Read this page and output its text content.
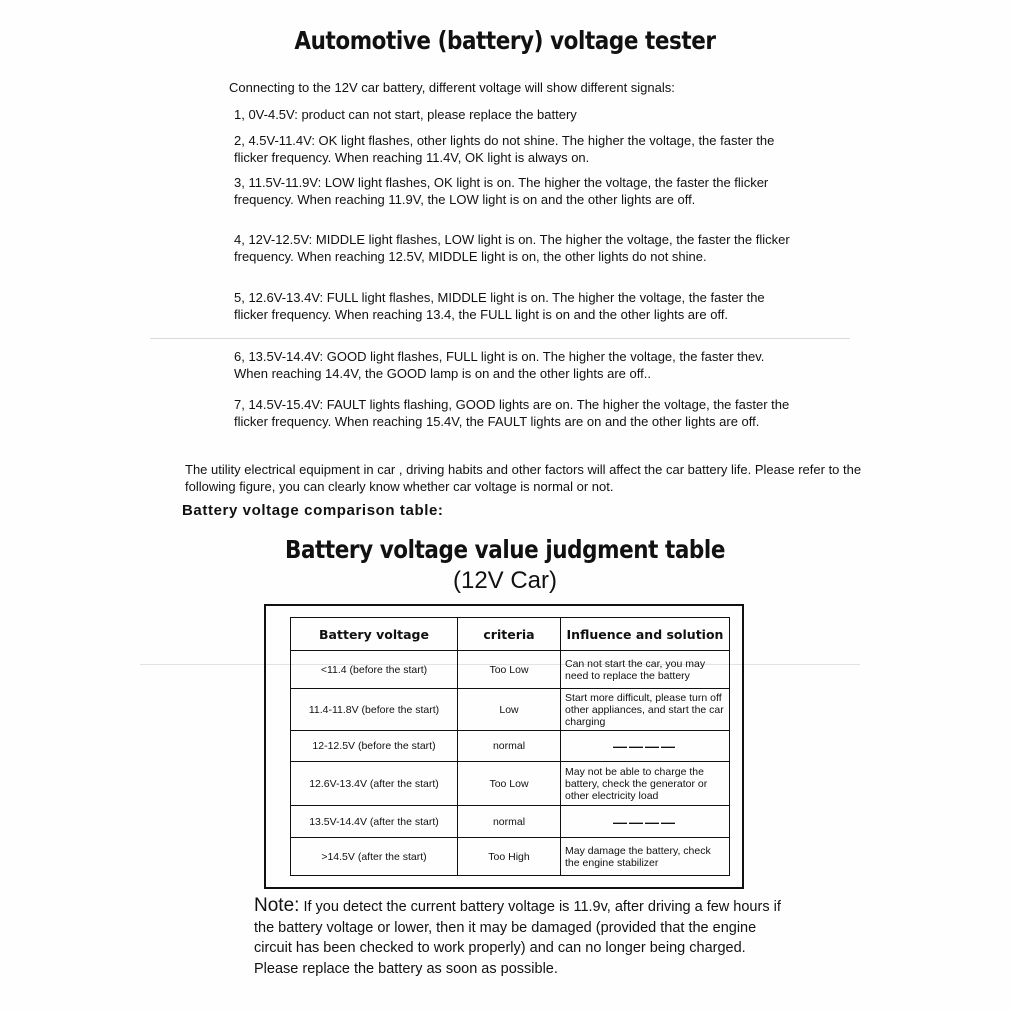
Automotive (battery) voltage tester
Connecting to the 12V car battery, different voltage will show different signals:
1, 0V-4.5V: product can not start, please replace the battery
2, 4.5V-11.4V: OK light flashes, other lights do not shine. The higher the voltage, the faster the flicker frequency. When reaching 11.4V, OK light is always on.
3, 11.5V-11.9V: LOW light flashes, OK light is on. The higher the voltage, the faster the flicker frequency. When reaching 11.9V, the LOW light is on and the other lights are off.
4, 12V-12.5V: MIDDLE light flashes, LOW light is on. The higher the voltage, the faster the flicker frequency. When reaching 12.5V, MIDDLE light is on, the other lights do not shine.
5, 12.6V-13.4V: FULL light flashes, MIDDLE light is on. The higher the voltage, the faster the flicker frequency. When reaching 13.4, the FULL light is on and the other lights are off.
6, 13.5V-14.4V: GOOD light flashes, FULL light is on. The higher the voltage, the faster thev. When reaching 14.4V, the GOOD lamp is on and the other lights are off..
7, 14.5V-15.4V: FAULT lights flashing, GOOD lights are on. The higher the voltage, the faster the flicker frequency. When reaching 15.4V, the FAULT lights are on and the other lights are off.
The utility electrical equipment in car , driving habits and other factors will affect the car battery life. Please refer to the following figure, you can clearly know whether car voltage is normal or not.
Battery voltage comparison table:
Battery voltage value judgment table
(12V Car)
Battery voltage	criteria	Influence and solution
<11.4 (before the start)	Too Low	Can not start the car, you may need to replace the battery
11.4-11.8V (before the start)	Low	Start more difficult, please turn off other appliances, and start the car charging
12-12.5V (before the start)	normal	————
12.6V-13.4V (after the start)	Too Low	May not be able to charge the battery, check the generator or other electricity load
13.5V-14.4V (after the start)	normal	————
>14.5V (after the start)	Too High	May damage the battery, check the engine stabilizer
Note: If you detect the current battery voltage is 11.9v, after driving a few hours if the battery voltage or lower, then it may be damaged (provided that the engine circuit has been checked to work properly) and can no longer being charged. Please replace the battery as soon as possible.
